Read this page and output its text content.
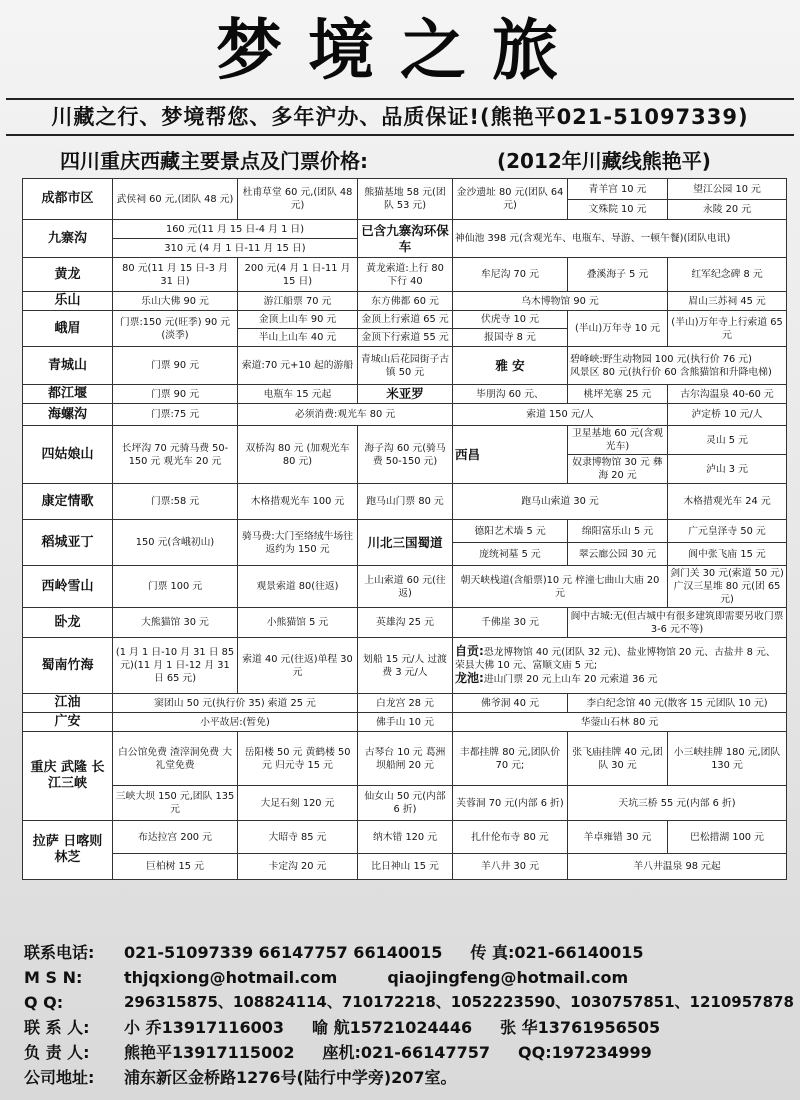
梦境之旅
川藏之行、梦境帮您、多年沪办、品质保证!(熊艳平021-51097339)
四川重庆西藏主要景点及门票价格:	(2012年川藏线熊艳平)
成都市区	武侯祠 60 元,(团队 48 元)	杜甫草堂 60 元,(团队 48 元)	熊猫基地 58 元(团队 53 元)	金沙遗址 80 元(团队 64 元)	青羊宫 10 元	望江公园 10 元
					文殊院 10 元	永陵 20 元
九寨沟	160 元(11 月 15 日-4 月 1 日)		已含九寨沟环保车	神仙池 398 元(含观光车、电瓶车、导游、一顿午餐)(团队电讯)		
	310 元 (4 月 1 日-11 月 15 日)					
黄龙	80 元(11 月 15 日-3 月 31 日)	200 元(4 月 1 日-11 月 15 日)	黄龙索道:上行 80 下行 40	牟尼沟 70 元	叠溪海子 5 元	红军纪念碑 8 元
乐山	乐山大佛 90 元	游江船票 70 元	东方佛都 60 元	乌木博物馆 90 元		眉山三苏祠 45 元
峨眉	门票:150 元(旺季) 90 元(淡季)	金顶上山车 90 元	金顶上行索道 65 元	伏虎寺 10 元	(半山)万年寺 10 元	(半山)万年寺上行索道 65 元
		半山上山车 40 元	金顶下行索道 55 元	报国寺 8 元		
青城山	门票 90 元	索道:70 元+10 起的游船	青城山后花园街子古镇 50 元	雅 安	碧峰峡:野生动物园 100 元(执行价 76 元)
风景区 80 元(执行价 60 含熊猫馆和升降电梯)	

都江堰	门票 90 元	电瓶车 15 元起	米亚罗	毕朋沟 60 元、	桃坪羌寨 25 元	古尔沟温泉 40-60 元
海螺沟	门票:75 元	必须消费:观光车 80 元		索道 150 元/人		泸定桥 10 元/人
四姑娘山	长坪沟 70 元骑马费 50-150 元 观光车 20 元	双桥沟 80 元 (加观光车 80 元)	海子沟 60 元(骑马费 50-150 元)	西昌	卫星基地 60 元(含观光车)	灵山 5 元
					奴隶博物馆 30 元 彝海 20 元	泸山 3 元
康定情歌	门票:58 元	木格措观光车 100 元	跑马山门票 80 元	跑马山索道 30 元		木格措观光车 24 元
稻城亚丁	150 元(含峨初山)	骑马费:大门至络绒牛场往返约为 150 元	川北三国蜀道	德阳艺术墙 5 元	绵阳富乐山 5 元	广元皇泽寺 50 元
				庞统祠墓 5 元	翠云廊公园 30 元	阆中张飞庙 15 元
西岭雪山	门票 100 元	观景索道 80(往返)	上山索道 60 元(往返)	朝天峡栈道(含船票)10 元 梓潼七曲山大庙 20 元		剑门关 30 元(索道 50 元)
广汉三星堆 80 元(团 65 元)

卧龙	大熊猫馆 30 元	小熊猫馆 5 元	英雄沟 25 元	千佛崖 30 元	阆中古城:无(但古城中有很多建筑即需要另收门票 3-6 元不等)	
蜀南竹海	(1 月 1 日-10 月 31 日 85 元)(11 月 1 日-12 月 31 日 65 元)	索道 40 元(往返)单程 30 元	划船 15 元/人 过渡费 3 元/人	自贡:恐龙博物馆 40 元(团队 32 元)、盐业博物馆 20 元、古盐井 8 元、荣县大佛 10 元、富顺文庙 5 元;
龙池:进山门票 20 元上山车 20 元索道 36 元		

江油	窦团山 50 元(执行价 35) 索道 25 元		白龙宫 28 元	佛爷洞 40 元	李白纪念馆 40 元(散客 15 元团队 10 元)	
广安	小平故居:(暂免)		佛手山 10 元	华蓥山石林 80 元		
重庆 武隆 长江三峡	白公馆免费 渣滓洞免费 大礼堂免费	岳阳楼 50 元 黄鹤楼 50 元 归元寺 15 元	古琴台 10 元 葛洲坝船闸 20 元	丰都挂牌 80 元,团队价 70 元;	张飞庙挂牌 40 元,团队 30 元	小三峡挂牌 180 元,团队 130 元
	三峡大坝 150 元,团队 135 元	大足石刻 120 元	仙女山 50 元(内部 6 折)	芙蓉洞 70 元(内部 6 折)	天坑三桥 55 元(内部 6 折)	
拉萨 日喀则 林芝	布达拉宫 200 元	大昭寺 85 元	纳木错 120 元	扎什伦布寺 80 元	羊卓雍错 30 元	巴松措湖 100 元
	巨柏树 15 元	卡定沟 20 元	比日神山 15 元	羊八井 30 元	羊八井温泉 98 元起	
联系电话:	021-51097339 66147757 66140015 传 真: 021-66140015
M S N:	thjqxiong@hotmail.com	qiaojingfeng@hotmail.com
Q Q:	296315875、108824114、710172218、1052223590、1030757851、1210957878
联 系 人:	小 乔13917116003 喻 航15721024446 张 华13761956505
负 责 人:	熊艳平13917115002 座机:021-66147757 QQ:197234999
公司地址:	浦东新区金桥路1276号(陆行中学旁)207室。
